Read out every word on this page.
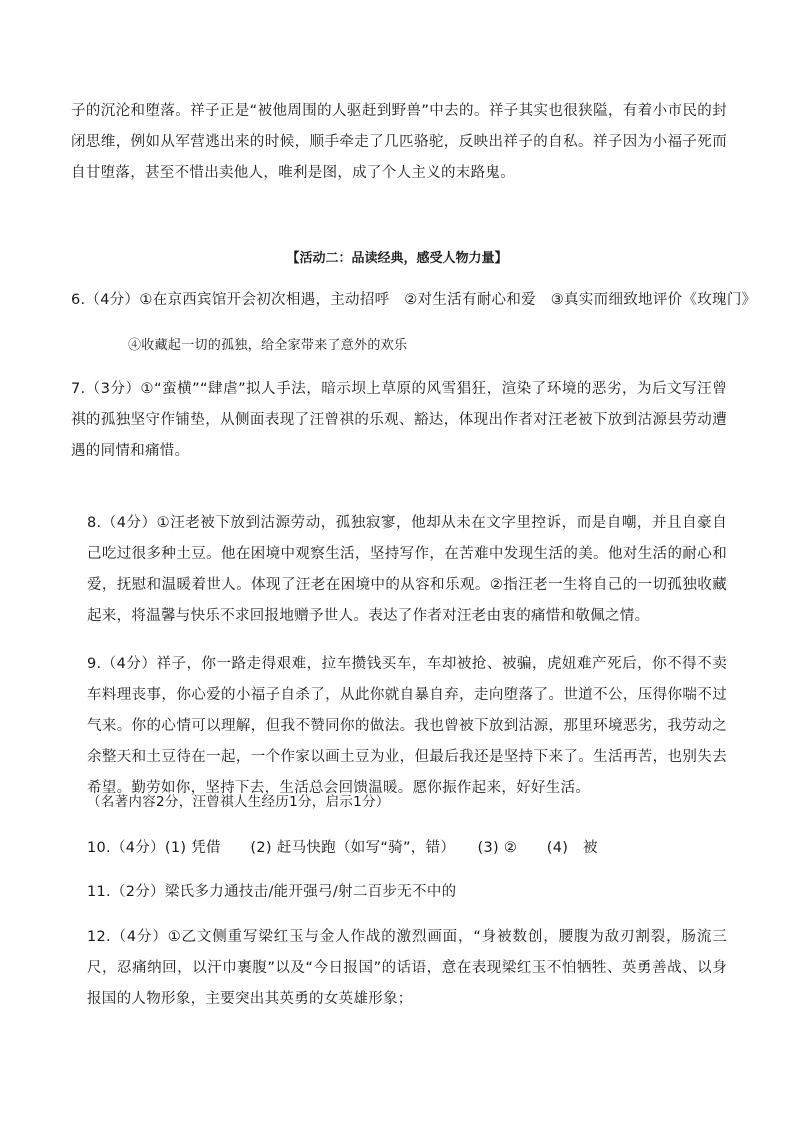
子的沉沦和堕落。祥子正是“被他周围的人驱赶到野兽”中去的。祥子其实也很狭隘，有着小市民的封闭思维，例如从军营逃出来的时候，顺手牵走了几匹骆驼，反映出祥子的自私。祥子因为小福子死而自甘堕落，甚至不惜出卖他人，唯利是图，成了个人主义的末路鬼。

【活动二：品读经典，感受人物力量】

6.（4分）①在京西宾馆开会初次相遇，主动招呼　②对生活有耐心和爱　③真实而细致地评价《玫瑰门》

④收藏起一切的孤独，给全家带来了意外的欢乐

7.（3分）①“蛮横”“肆虐”拟人手法，暗示坝上草原的风雪猖狂，渲染了环境的恶劣，为后文写汪曾祺的孤独坚守作铺垫，从侧面表现了汪曾祺的乐观、豁达，体现出作者对汪老被下放到沽源县劳动遭遇的同情和痛惜。

8.（4分）①汪老被下放到沽源劳动，孤独寂寥，他却从未在文字里控诉，而是自嘲，并且自豪自己吃过很多种土豆。他在困境中观察生活，坚持写作，在苦难中发现生活的美。他对生活的耐心和爱，抚慰和温暖着世人。体现了汪老在困境中的从容和乐观。②指汪老一生将自己的一切孤独收藏起来，将温馨与快乐不求回报地赠予世人。表达了作者对汪老由衷的痛惜和敬佩之情。

9.（4分）祥子，你一路走得艰难，拉车攒钱买车，车却被抢、被骗，虎妞难产死后，你不得不卖车料理丧事，你心爱的小福子自杀了，从此你就自暴自弃，走向堕落了。世道不公，压得你喘不过气来。你的心情可以理解，但我不赞同你的做法。我也曾被下放到沽源，那里环境恶劣，我劳动之余整天和土豆待在一起，一个作家以画土豆为业，但最后我还是坚持下来了。生活再苦，也别失去希望。勤劳如你，坚持下去，生活总会回馈温暖。愿你振作起来，好好生活。

（名著内容2分，汪曾祺人生经历1分，启示1分）

10.（4分）(1) 凭借　　(2) 赶马快跑（如写“骑”，错）　　(3) ②　　(4)　被

11.（2分）梁氏多力通技击/能开强弓/射二百步无不中的

12.（4分）①乙文侧重写梁红玉与金人作战的激烈画面，“身被数创，腰腹为敌刃割裂，肠流三尺，忍痛纳回，以汗巾裹腹”以及“今日报国”的话语，意在表现梁红玉不怕牺牲、英勇善战、以身报国的人物形象，主要突出其英勇的女英雄形象；
